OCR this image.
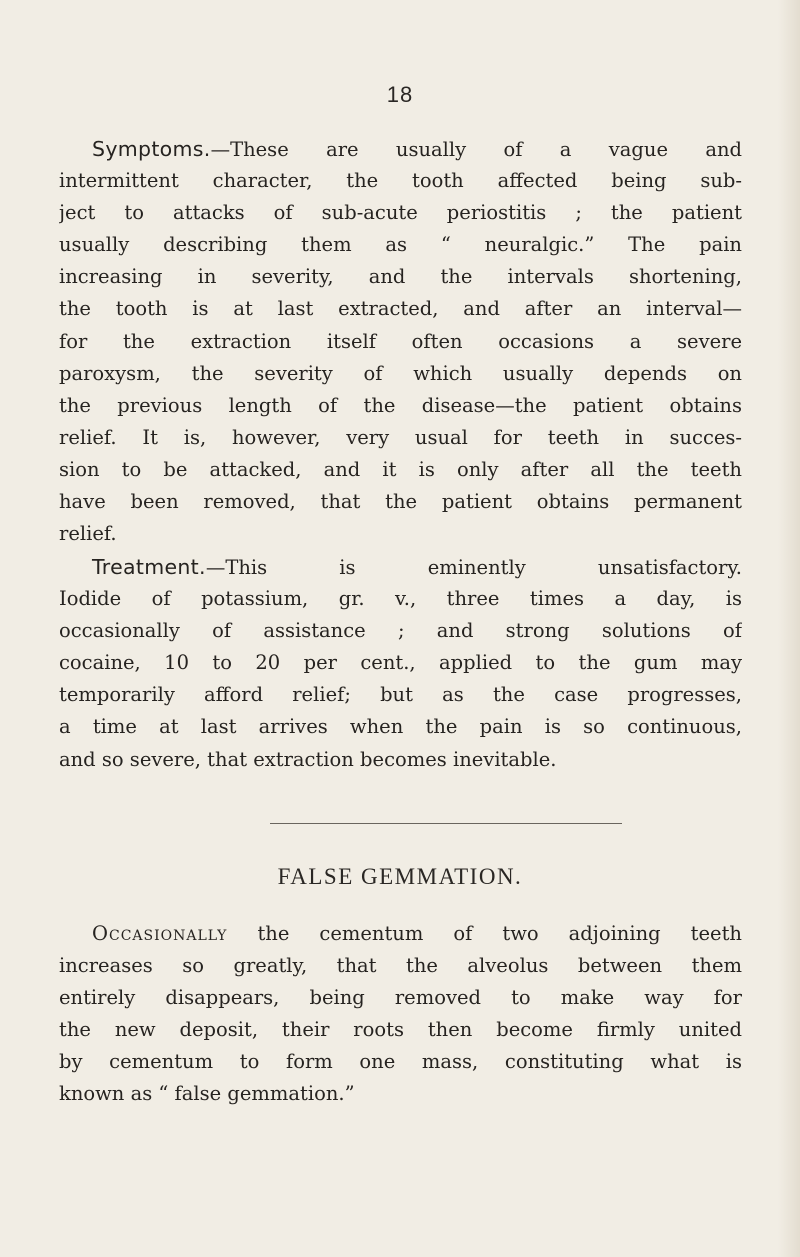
18
Symptoms.—These are usually of a vague and
intermittent character, the tooth affected being sub-
ject to attacks of sub-acute periostitis ; the patient
usually describing them as “ neuralgic.” The pain
increasing in severity, and the intervals shortening,
the tooth is at last extracted, and after an interval—
for the extraction itself often occasions a severe
paroxysm, the severity of which usually depends on
the previous length of the disease—the patient obtains
relief. It is, however, very usual for teeth in succes-
sion to be attacked, and it is only after all the teeth
have been removed, that the patient obtains permanent
relief.
Treatment.—This is eminently unsatisfactory.
Iodide of potassium, gr. v., three times a day, is
occasionally of assistance ; and strong solutions of
cocaine, 10 to 20 per cent., applied to the gum may
temporarily afford relief; but as the case progresses,
a time at last arrives when the pain is so continuous,
and so severe, that extraction becomes inevitable.
FALSE GEMMATION.
Occasionally the cementum of two adjoining teeth
increases so greatly, that the alveolus between them
entirely disappears, being removed to make way for
the new deposit, their roots then become firmly united
by cementum to form one mass, constituting what is
known as “ false gemmation.”
